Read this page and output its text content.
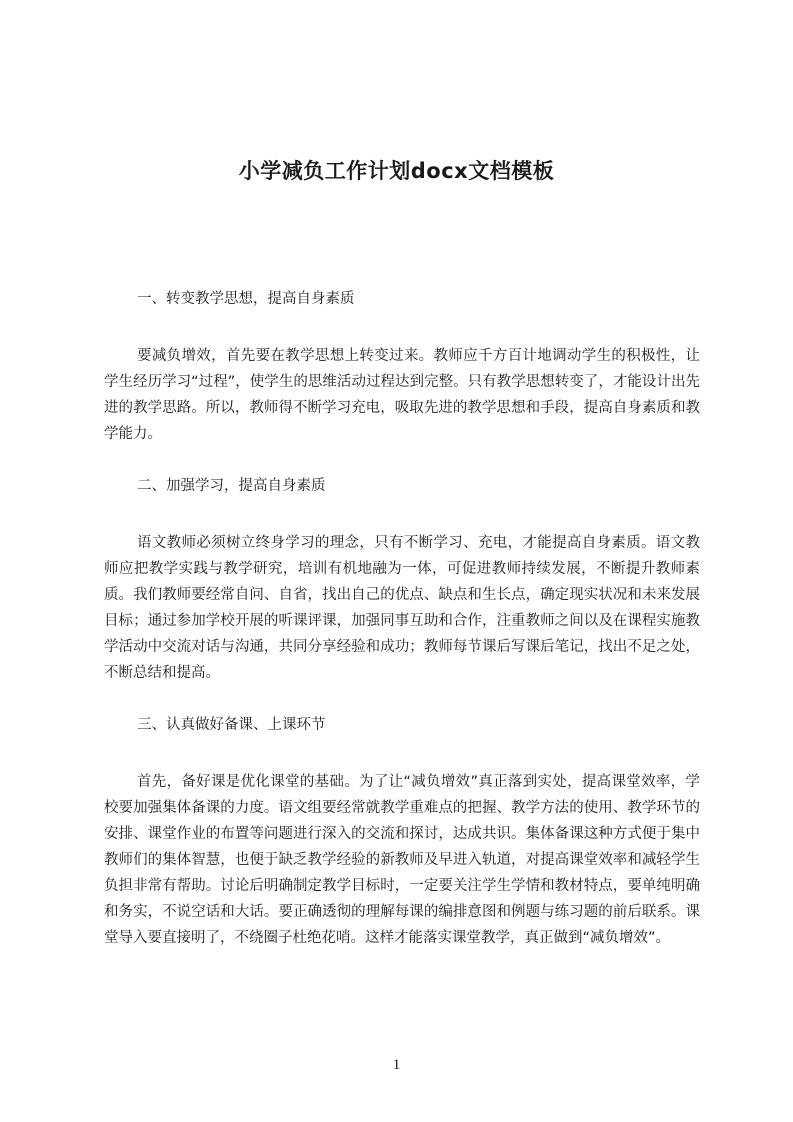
小学减负工作计划docx文档模板

一、转变教学思想，提高自身素质

要减负增效，首先要在教学思想上转变过来。教师应千方百计地调动学生的积极性，让学生经历学习“过程”，使学生的思维活动过程达到完整。只有教学思想转变了，才能设计出先进的教学思路。所以，教师得不断学习充电，吸取先进的教学思想和手段，提高自身素质和教学能力。

二、加强学习，提高自身素质

语文教师必须树立终身学习的理念，只有不断学习、充电，才能提高自身素质。语文教师应把教学实践与教学研究，培训有机地融为一体，可促进教师持续发展，不断提升教师素质。我们教师要经常自问、自省，找出自己的优点、缺点和生长点，确定现实状况和未来发展目标；通过参加学校开展的听课评课，加强同事互助和合作，注重教师之间以及在课程实施教学活动中交流对话与沟通，共同分享经验和成功；教师每节课后写课后笔记，找出不足之处，不断总结和提高。

三、认真做好备课、上课环节

首先，备好课是优化课堂的基础。为了让“减负增效”真正落到实处，提高课堂效率，学校要加强集体备课的力度。语文组要经常就教学重难点的把握、教学方法的使用、教学环节的安排、课堂作业的布置等问题进行深入的交流和探讨，达成共识。集体备课这种方式便于集中教师们的集体智慧，也便于缺乏教学经验的新教师及早进入轨道，对提高课堂效率和减轻学生负担非常有帮助。讨论后明确制定教学目标时，一定要关注学生学情和教材特点，要单纯明确和务实，不说空话和大话。要正确透彻的理解每课的编排意图和例题与练习题的前后联系。课堂导入要直接明了，不绕圈子杜绝花哨。这样才能落实课堂教学，真正做到“减负增效”。

1
